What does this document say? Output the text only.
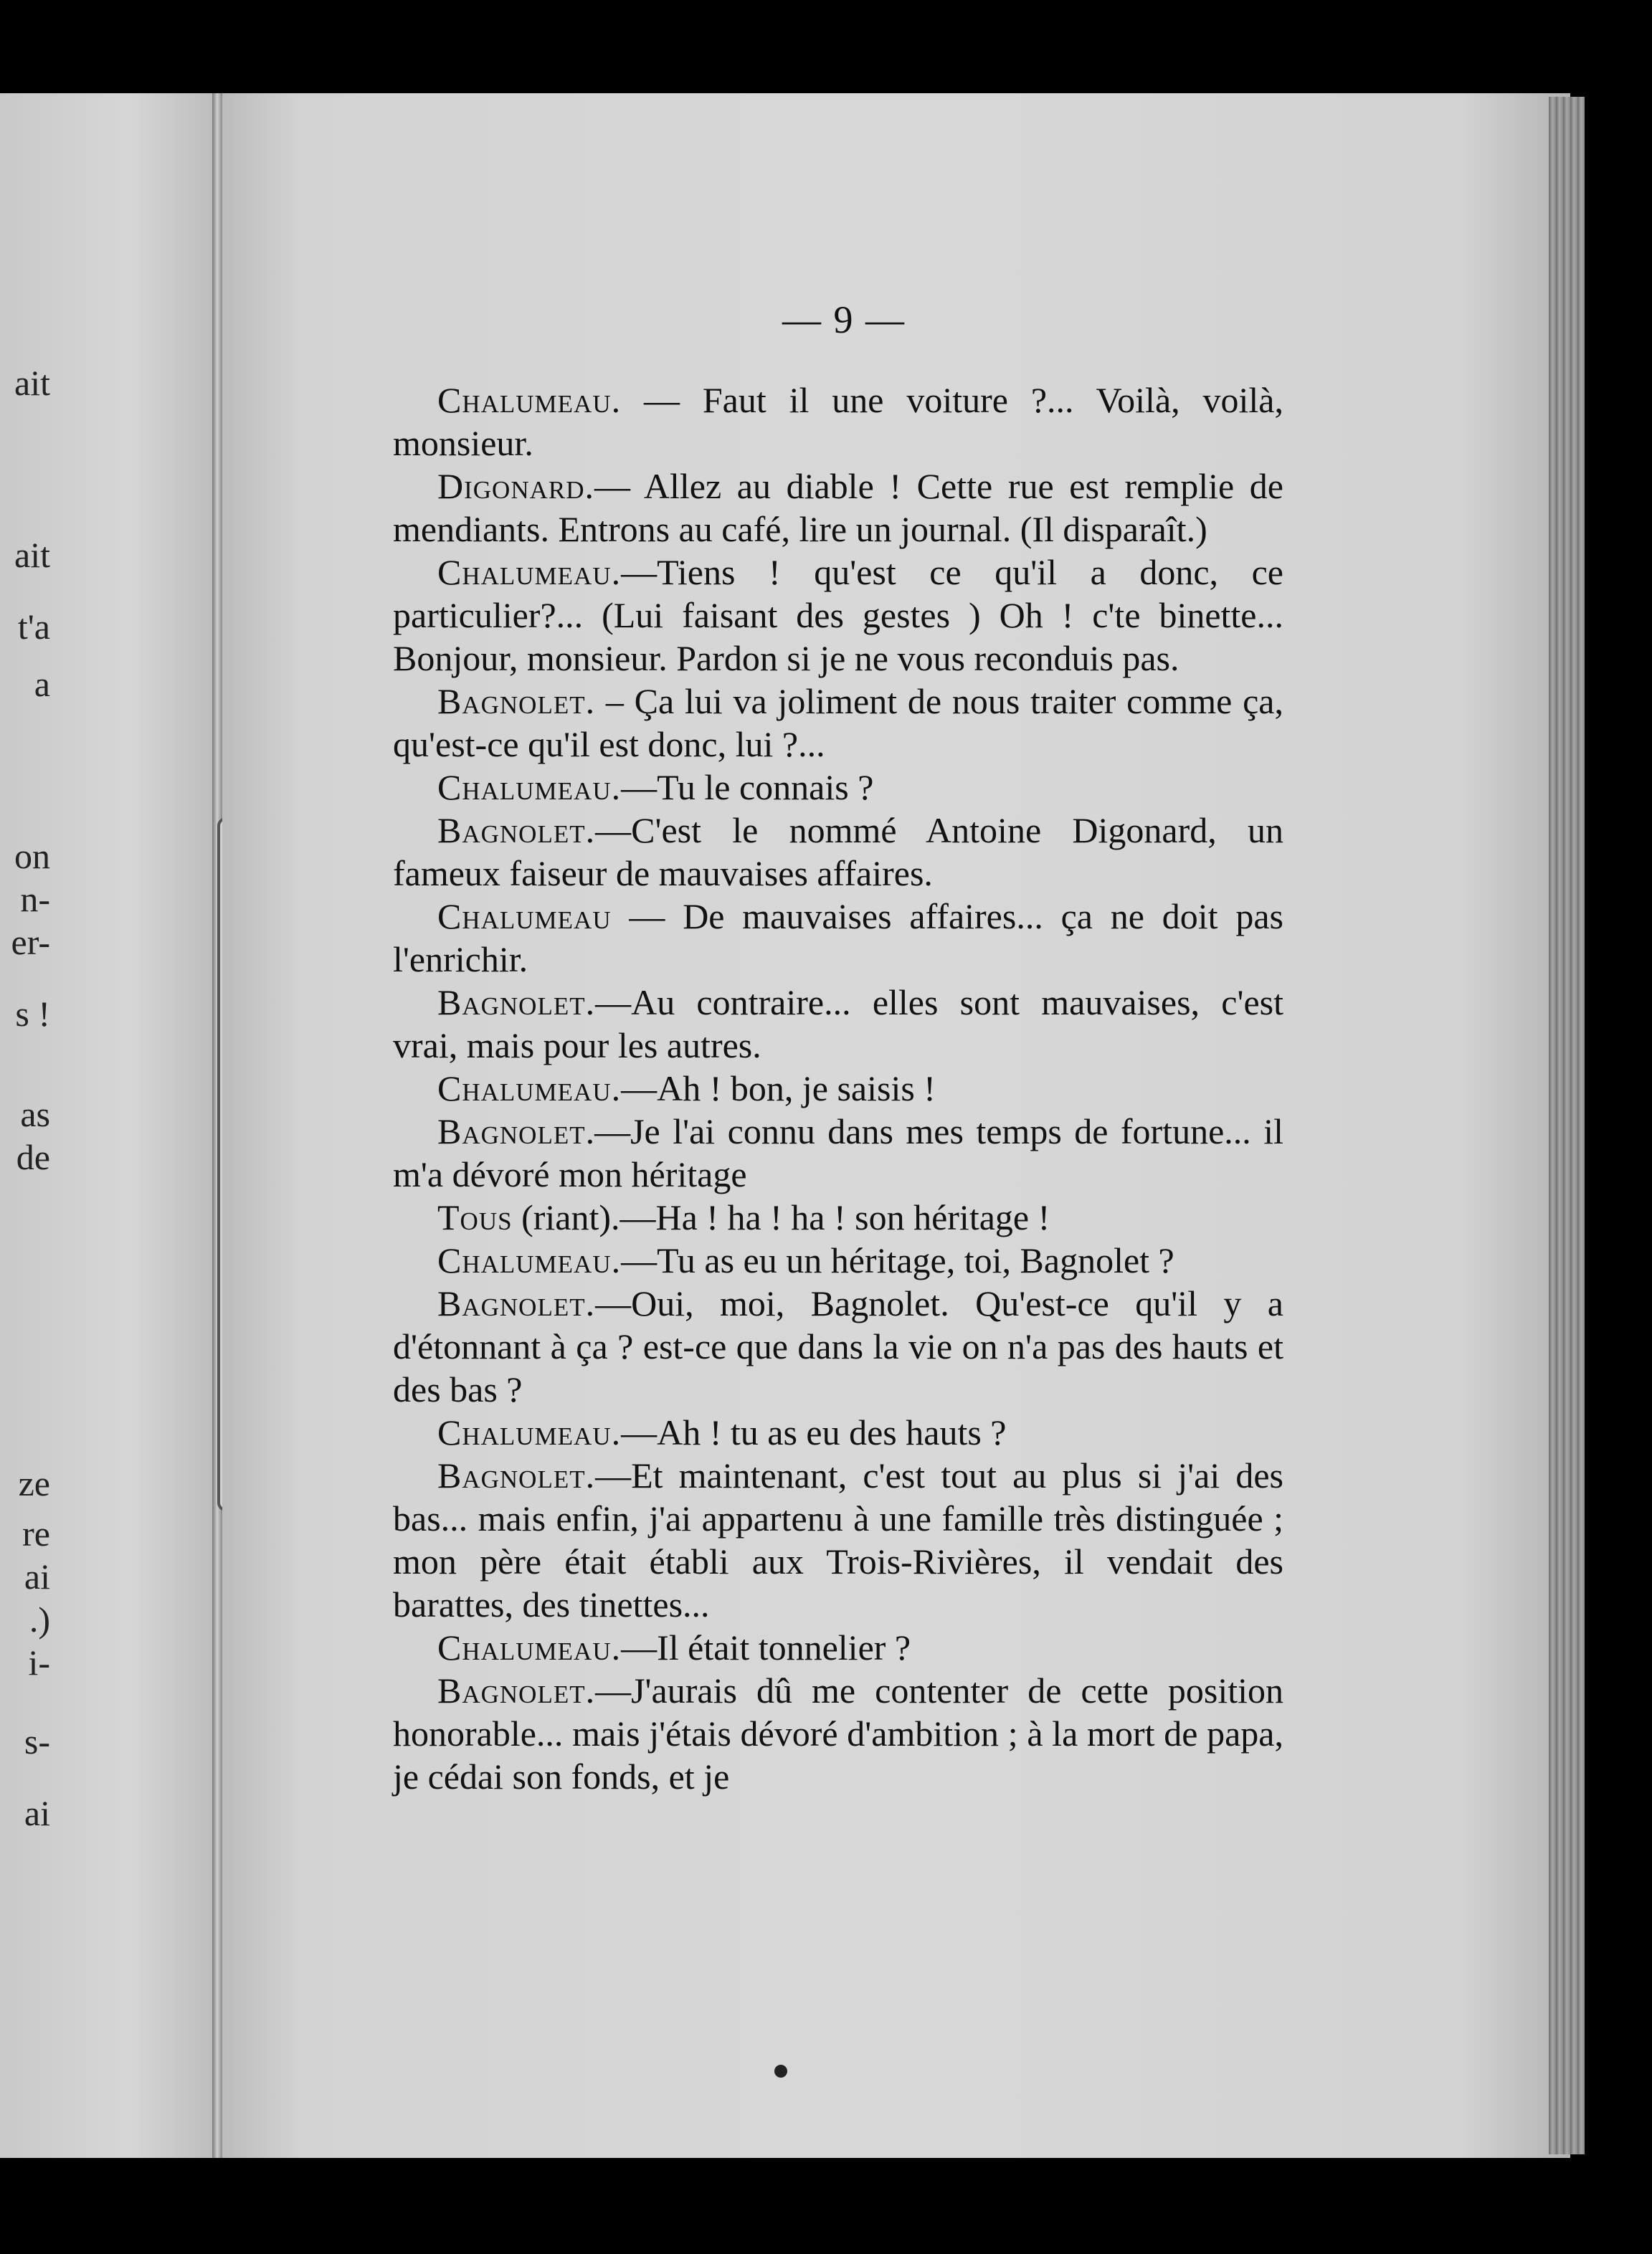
ait
ait
t'a
a
on
n-
er-
s !
as
de
ze
re
ai
.)
i-
s-
ai
— 9 —

Chalumeau. — Faut il une voiture ?... Voilà, voilà, monsieur.

Digonard.— Allez au diable ! Cette rue est remplie de mendiants. Entrons au café, lire un journal. (Il disparaît.)

Chalumeau.—Tiens ! qu'est ce qu'il a donc, ce particulier?... (Lui faisant des gestes ) Oh ! c'te binette... Bonjour, monsieur. Pardon si je ne vous reconduis pas.

Bagnolet. – Ça lui va joliment de nous traiter comme ça, qu'est-ce qu'il est donc, lui ?...

Chalumeau.—Tu le connais ?

Bagnolet.—C'est le nommé Antoine Digonard, un fameux faiseur de mauvaises affaires.

Chalumeau — De mauvaises affaires... ça ne doit pas l'enrichir.

Bagnolet.—Au contraire... elles sont mauvaises, c'est vrai, mais pour les autres.

Chalumeau.—Ah ! bon, je saisis !

Bagnolet.—Je l'ai connu dans mes temps de fortune... il m'a dévoré mon héritage

Tous (riant).—Ha ! ha ! ha ! son héritage !

Chalumeau.—Tu as eu un héritage, toi, Bagnolet ?

Bagnolet.—Oui, moi, Bagnolet. Qu'est-ce qu'il y a d'étonnant à ça ? est-ce que dans la vie on n'a pas des hauts et des bas ?

Chalumeau.—Ah ! tu as eu des hauts ?

Bagnolet.—Et maintenant, c'est tout au plus si j'ai des bas... mais enfin, j'ai appartenu à une famille très distinguée ; mon père était établi aux Trois-Rivières, il vendait des barattes, des tinettes...

Chalumeau.—Il était tonnelier ?

Bagnolet.—J'aurais dû me contenter de cette position honorable... mais j'étais dévoré d'ambition ; à la mort de papa, je cédai son fonds, et je
